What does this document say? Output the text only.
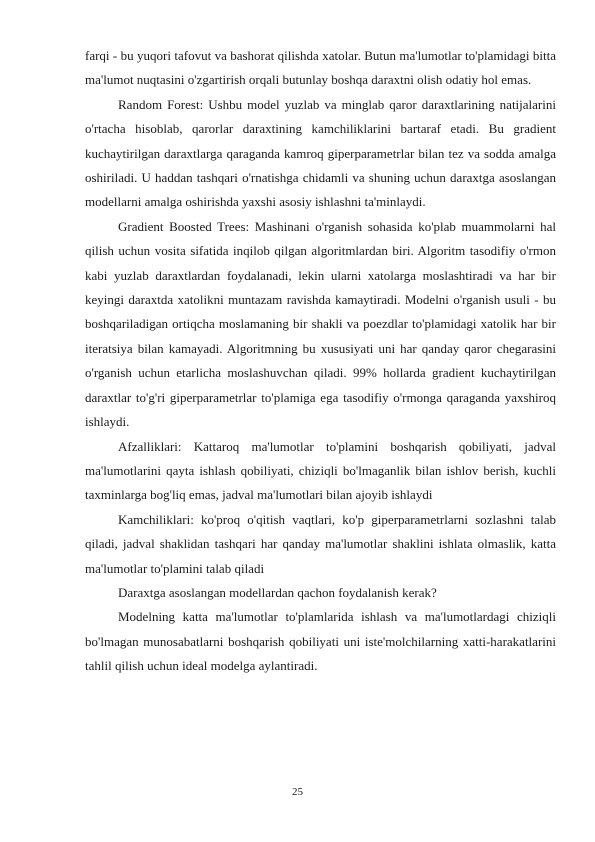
farqi - bu yuqori tafovut va bashorat qilishda xatolar. Butun ma'lumotlar to'plamidagi bitta ma'lumot nuqtasini o'zgartirish orqali butunlay boshqa daraxtni olish odatiy hol emas.

Random Forest: Ushbu model yuzlab va minglab qaror daraxtlarining natijalarini o'rtacha hisoblab, qarorlar daraxtining kamchiliklarini bartaraf etadi. Bu gradient kuchaytirilgan daraxtlarga qaraganda kamroq giperparametrlar bilan tez va sodda amalga oshiriladi. U haddan tashqari o'rnatishga chidamli va shuning uchun daraxtga asoslangan modellarni amalga oshirishda yaxshi asosiy ishlashni ta'minlaydi.

Gradient Boosted Trees: Mashinani o'rganish sohasida ko'plab muammolarni hal qilish uchun vosita sifatida inqilob qilgan algoritmlardan biri. Algoritm tasodifiy o'rmon kabi yuzlab daraxtlardan foydalanadi, lekin ularni xatolarga moslashtiradi va har bir keyingi daraxtda xatolikni muntazam ravishda kamaytiradi. Modelni o'rganish usuli - bu boshqariladigan ortiqcha moslamaning bir shakli va poezdlar to'plamidagi xatolik har bir iteratsiya bilan kamayadi. Algoritmning bu xususiyati uni har qanday qaror chegarasini o'rganish uchun etarlicha moslashuvchan qiladi. 99% hollarda gradient kuchaytirilgan daraxtlar to'g'ri giperparametrlar to'plamiga ega tasodifiy o'rmonga qaraganda yaxshiroq ishlaydi.

Afzalliklari: Kattaroq ma'lumotlar to'plamini boshqarish qobiliyati, jadval ma'lumotlarini qayta ishlash qobiliyati, chiziqli bo'lmaganlik bilan ishlov berish, kuchli taxminlarga bog'liq emas, jadval ma'lumotlari bilan ajoyib ishlaydi

Kamchiliklari: ko'proq o'qitish vaqtlari, ko'p giperparametrlarni sozlashni talab qiladi, jadval shaklidan tashqari har qanday ma'lumotlar shaklini ishlata olmaslik, katta ma'lumotlar to'plamini talab qiladi

Daraxtga asoslangan modellardan qachon foydalanish kerak?

Modelning katta ma'lumotlar to'plamlarida ishlash va ma'lumotlardagi chiziqli bo'lmagan munosabatlarni boshqarish qobiliyati uni iste'molchilarning xatti-harakatlarini tahlil qilish uchun ideal modelga aylantiradi.

25
